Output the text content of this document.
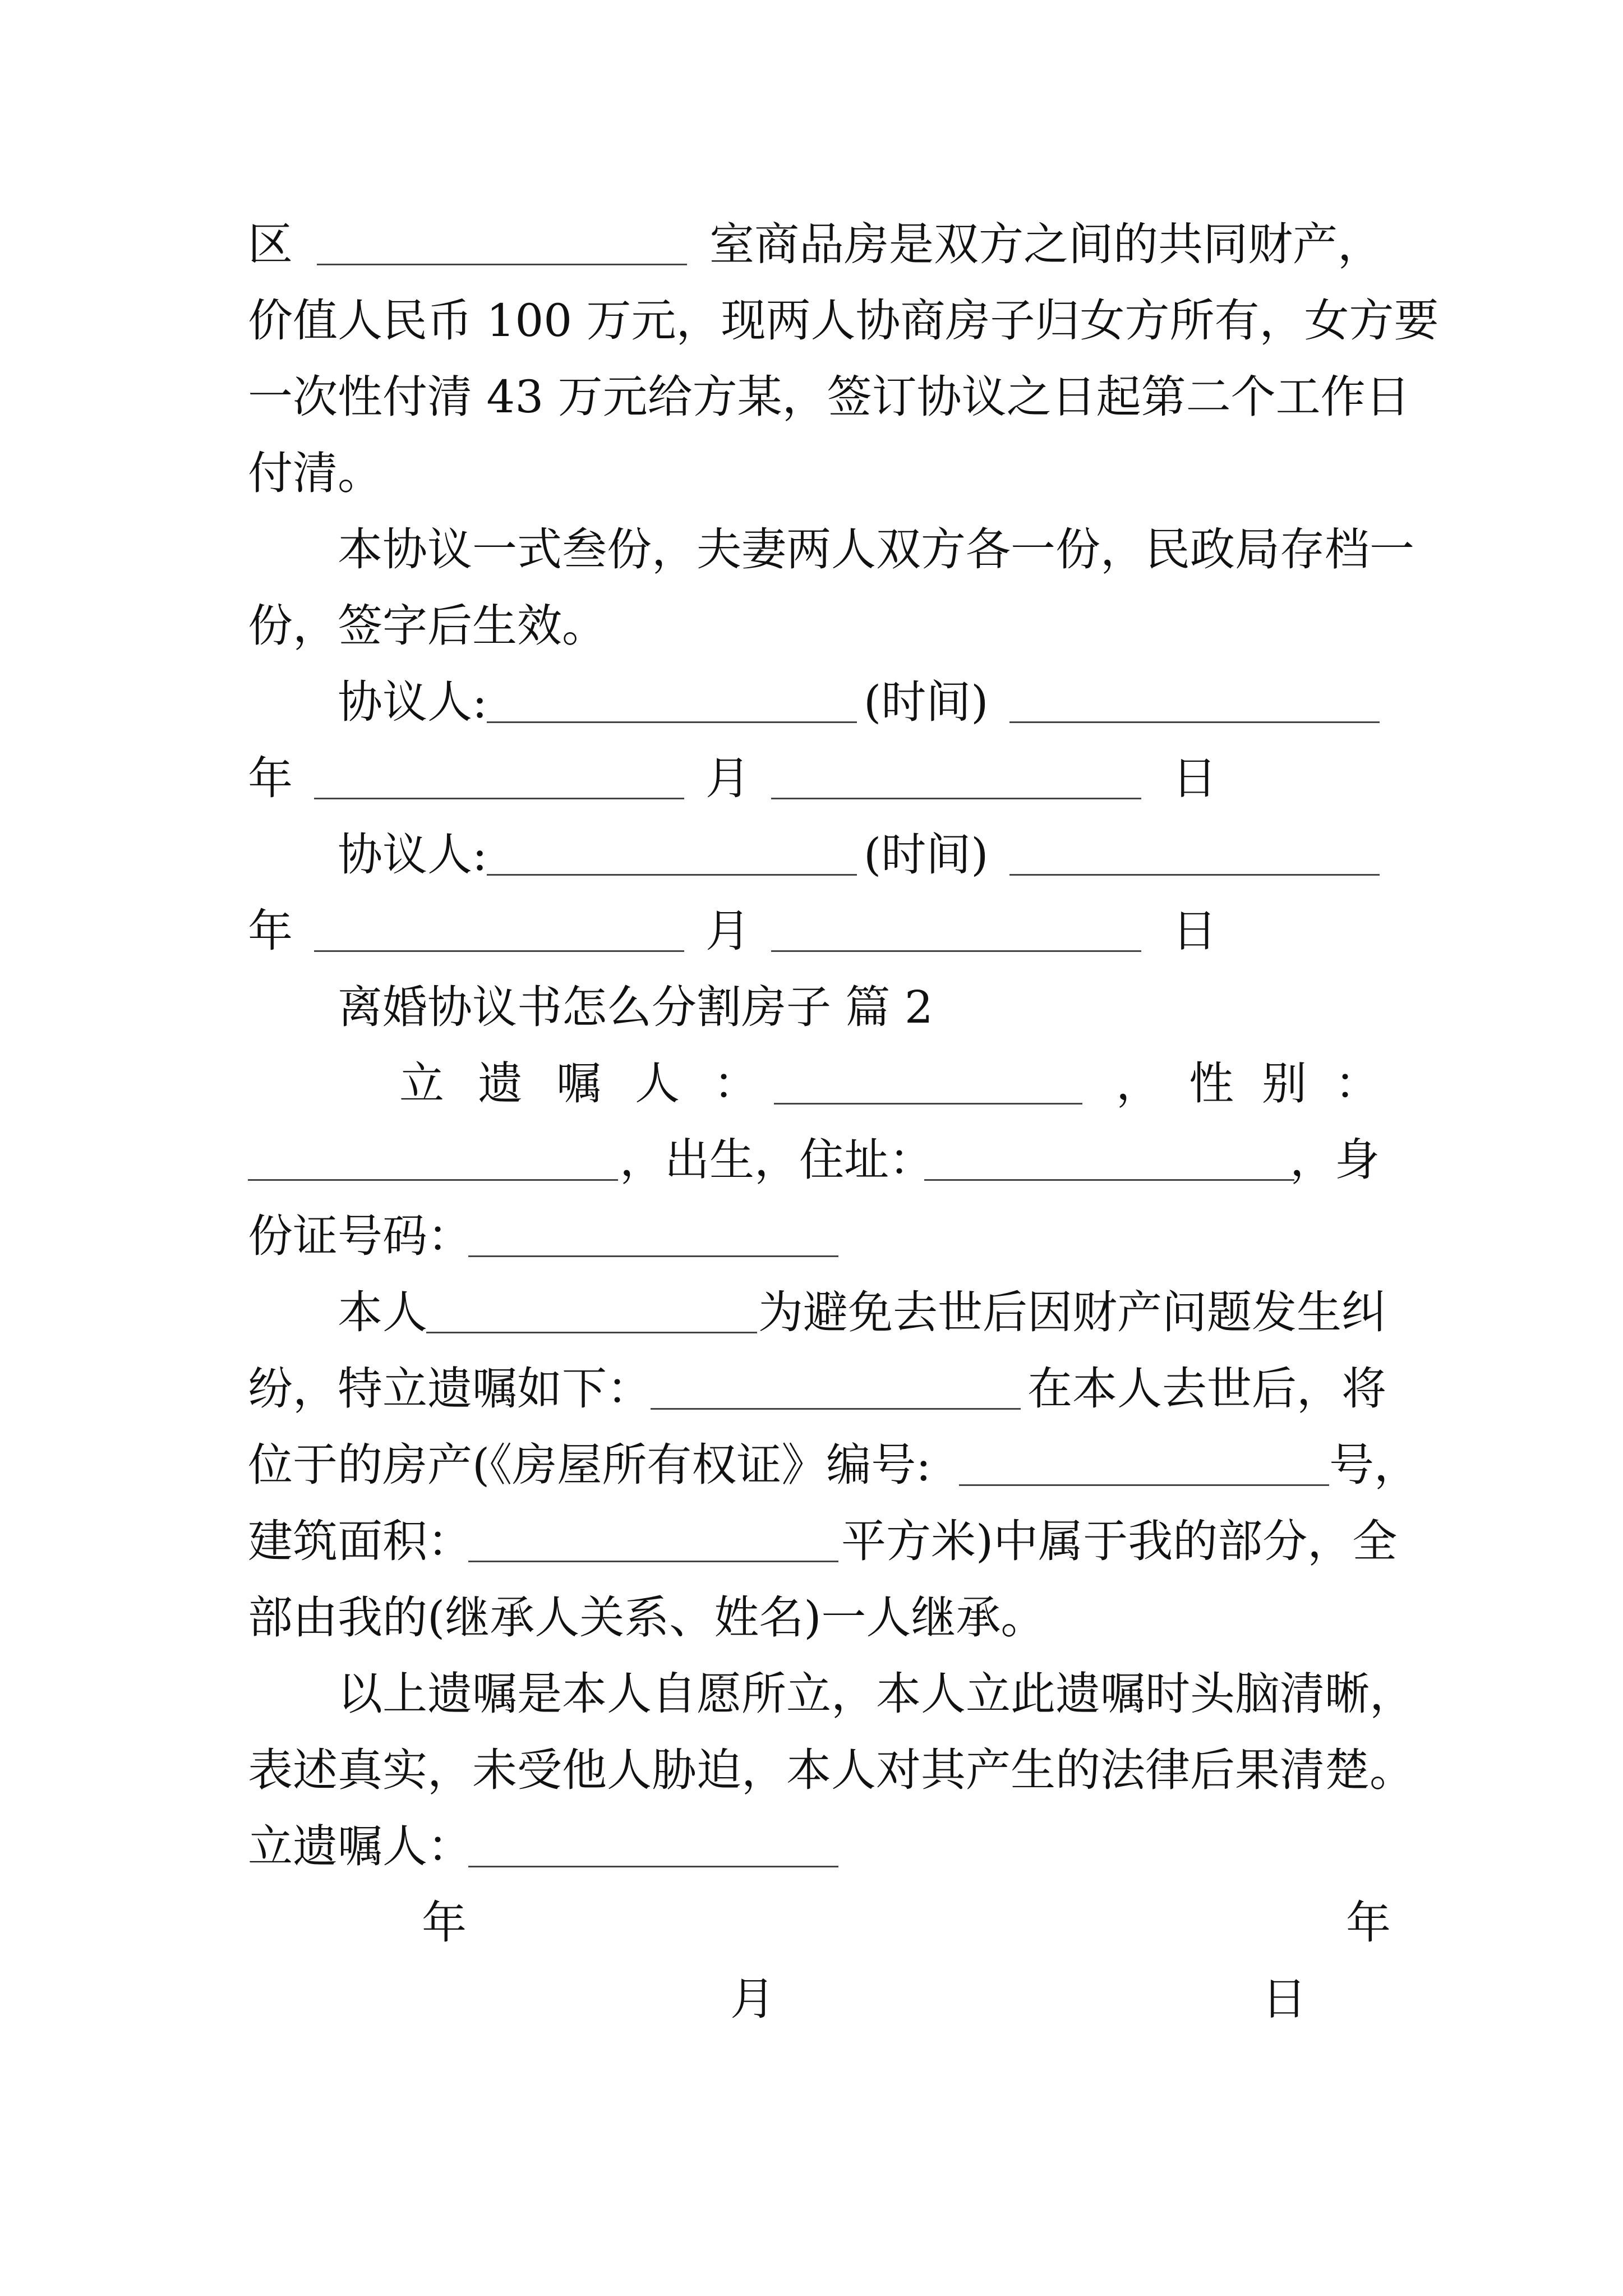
区	室商品房是双方之间的共同财产，
价值人民币 100 万元，现两人协商房子归女方所有，女方要
一次性付清 43 万元给方某，签订协议之日起第二个工作日
付清。
本协议一式叁份，夫妻两人双方各一份，民政局存档一
份，签字后生效。
协议人:	(时间)
年	月	日
协议人:	(时间)
年	月	日
离婚协议书怎么分割房子 篇 2
立 遗 嘱 人 ：	， 性 别 ：
，出生，住址：	，身
份证号码：
本人	为避免去世后因财产问题发生纠
纷，特立遗嘱如下：	在本人去世后，将
位于的房产(《房屋所有权证》编号:	号，
建筑面积：	平方米)中属于我的部分，全
部由我的(继承人关系、姓名)一人继承。
以上遗嘱是本人自愿所立，本人立此遗嘱时头脑清晰，
表述真实，未受他人胁迫，本人对其产生的法律后果清楚。
立遗嘱人：
年	年
月	日
